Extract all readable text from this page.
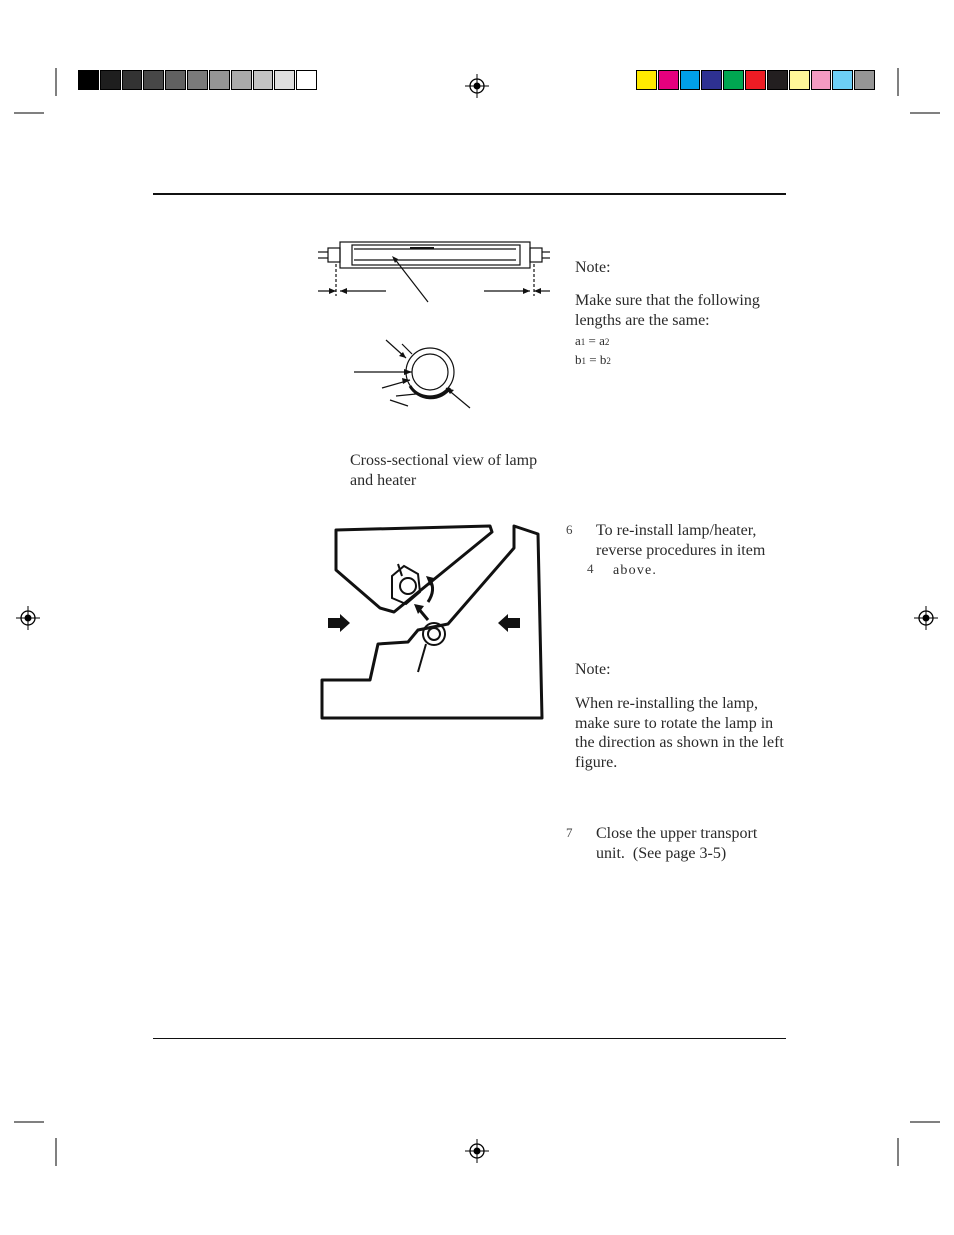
Cross-sectional view of lamp and heater
Note:
Make sure that the following lengths are the same:
a1 = a2
b1 = b2
6 To re-install lamp/heater,
reverse procedures in item
4 above.
Note:
When re-installing the lamp, make sure to rotate the lamp in the direction as shown in the left figure.
7 Close the upper transport
unit.  (See page 3-5)
